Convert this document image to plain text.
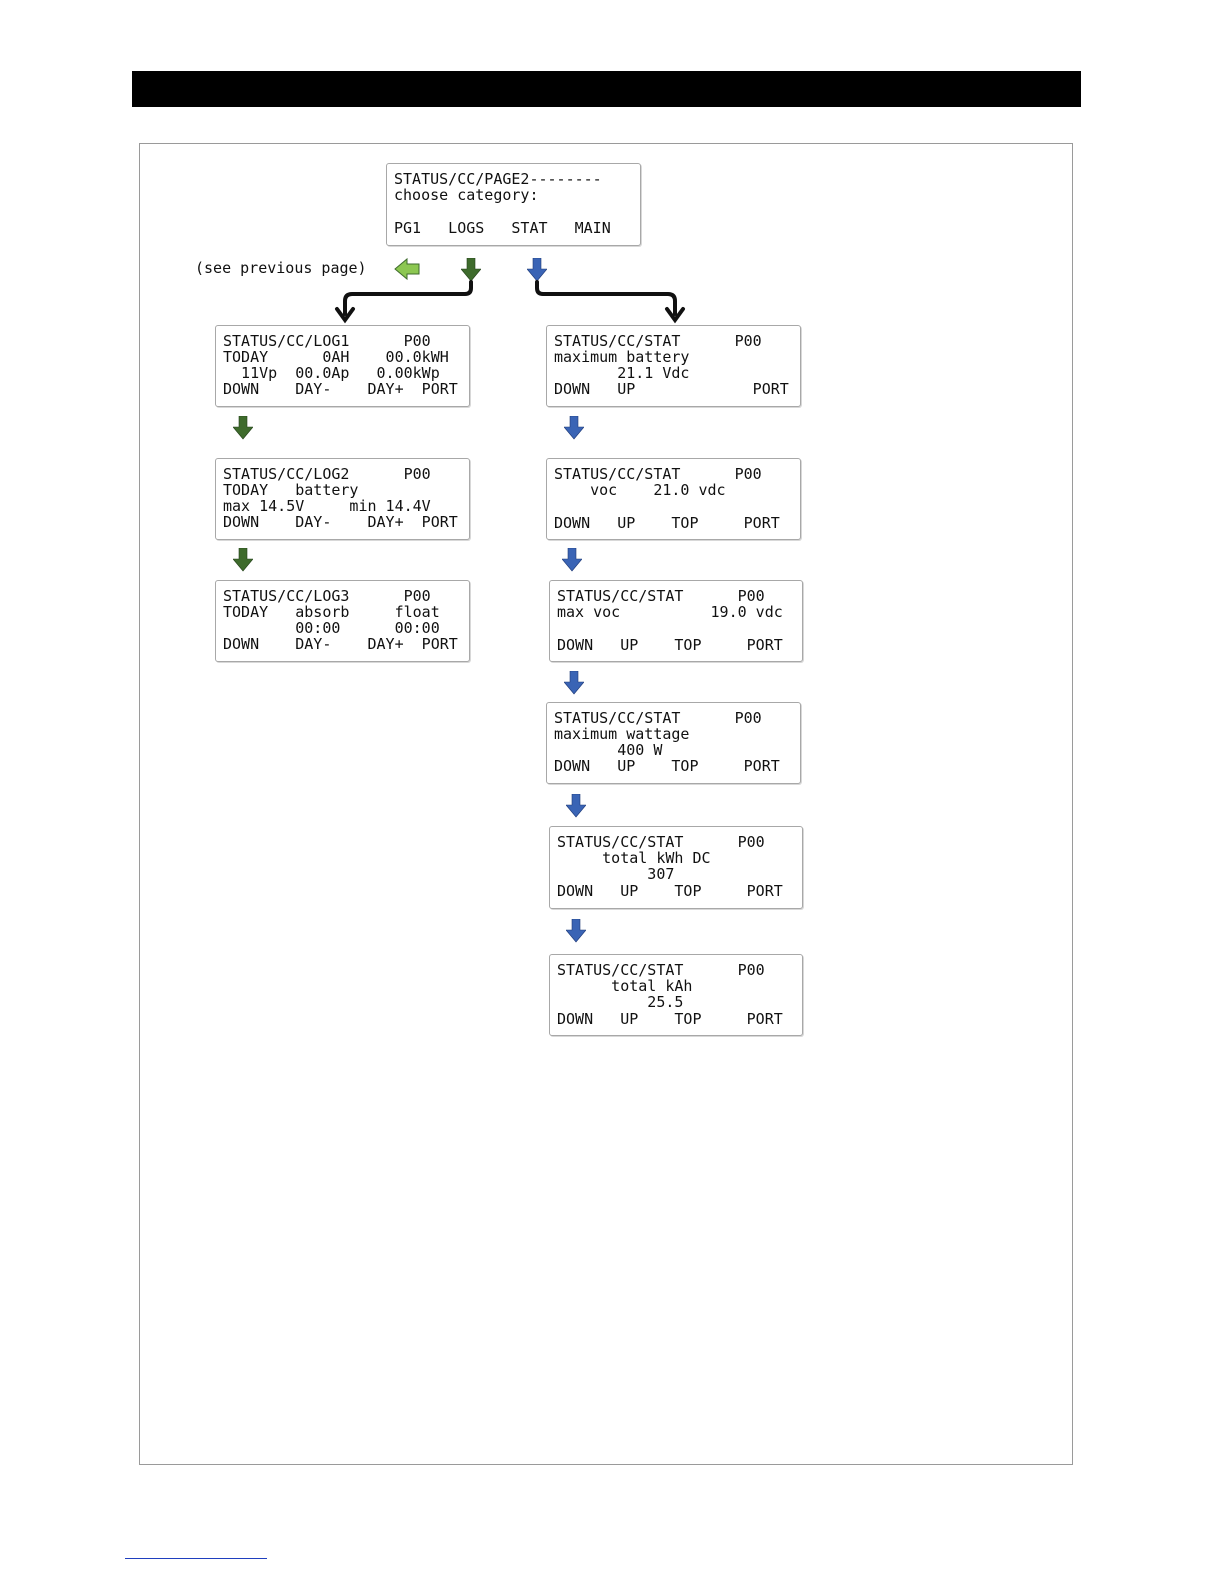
STATUS/CC/PAGE2--------
choose category:
PG1   LOGS   STAT   MAIN
(see previous page)
STATUS/CC/LOG1      P00
TODAY      0AH    00.0kWH
11Vp  00.0Ap   0.00kWp
DOWN    DAY-    DAY+  PORT
STATUS/CC/LOG2      P00
TODAY   battery
max 14.5V     min 14.4V
DOWN    DAY-    DAY+  PORT
STATUS/CC/LOG3      P00
TODAY   absorb     float
00:00      00:00
DOWN    DAY-    DAY+  PORT
STATUS/CC/STAT      P00
maximum battery
21.1 Vdc
DOWN   UP             PORT
STATUS/CC/STAT      P00
voc    21.0 vdc
DOWN   UP    TOP     PORT
STATUS/CC/STAT      P00
max voc          19.0 vdc
DOWN   UP    TOP     PORT
STATUS/CC/STAT      P00
maximum wattage
400 W
DOWN   UP    TOP     PORT
STATUS/CC/STAT      P00
total kWh DC
307
DOWN   UP    TOP     PORT
STATUS/CC/STAT      P00
total kAh
25.5
DOWN   UP    TOP     PORT
